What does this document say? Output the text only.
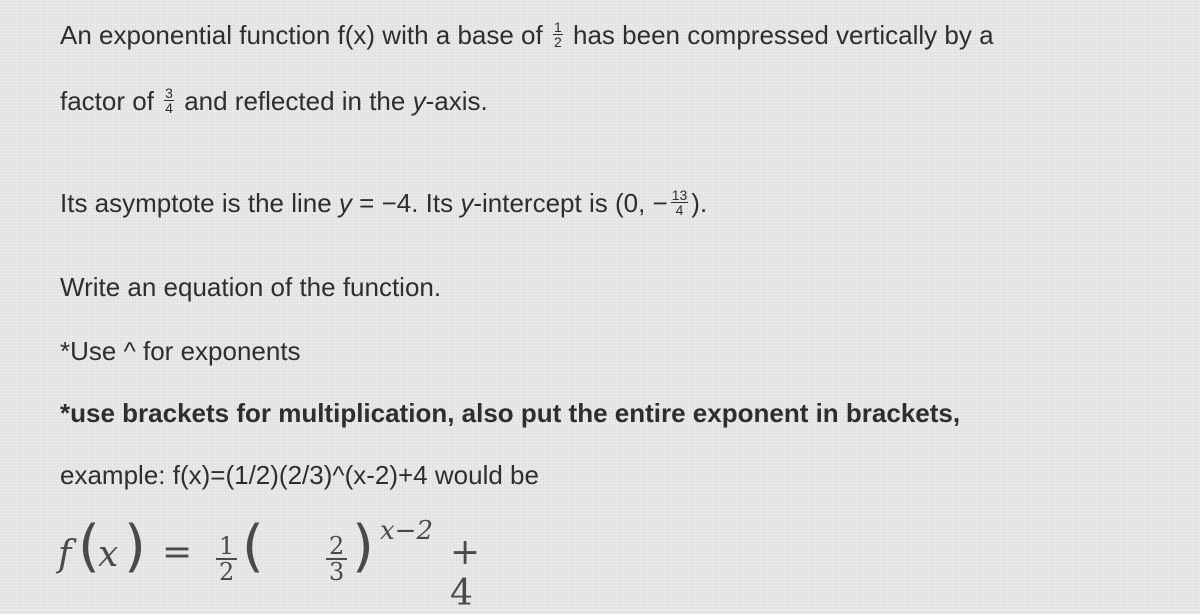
An exponential function f(x) with a base of $\frac{1}{2}$ has been compressed vertically by a
factor of $\frac{3}{4}$ and reflected in the y-axis.
Its asymptote is the line y = −4. Its y-intercept is (0, − $\frac{13}{4}$ ).
Write an equation of the function.
*Use ^ for exponents
*use brackets for multiplication, also put the entire exponent in brackets,
example: f(x)=(1/2)(2/3)^(x-2)+4 would be
f (
x ) = $\frac{1}{2}$ (	$\frac{2}{3}$ ) x−2
+ 4
